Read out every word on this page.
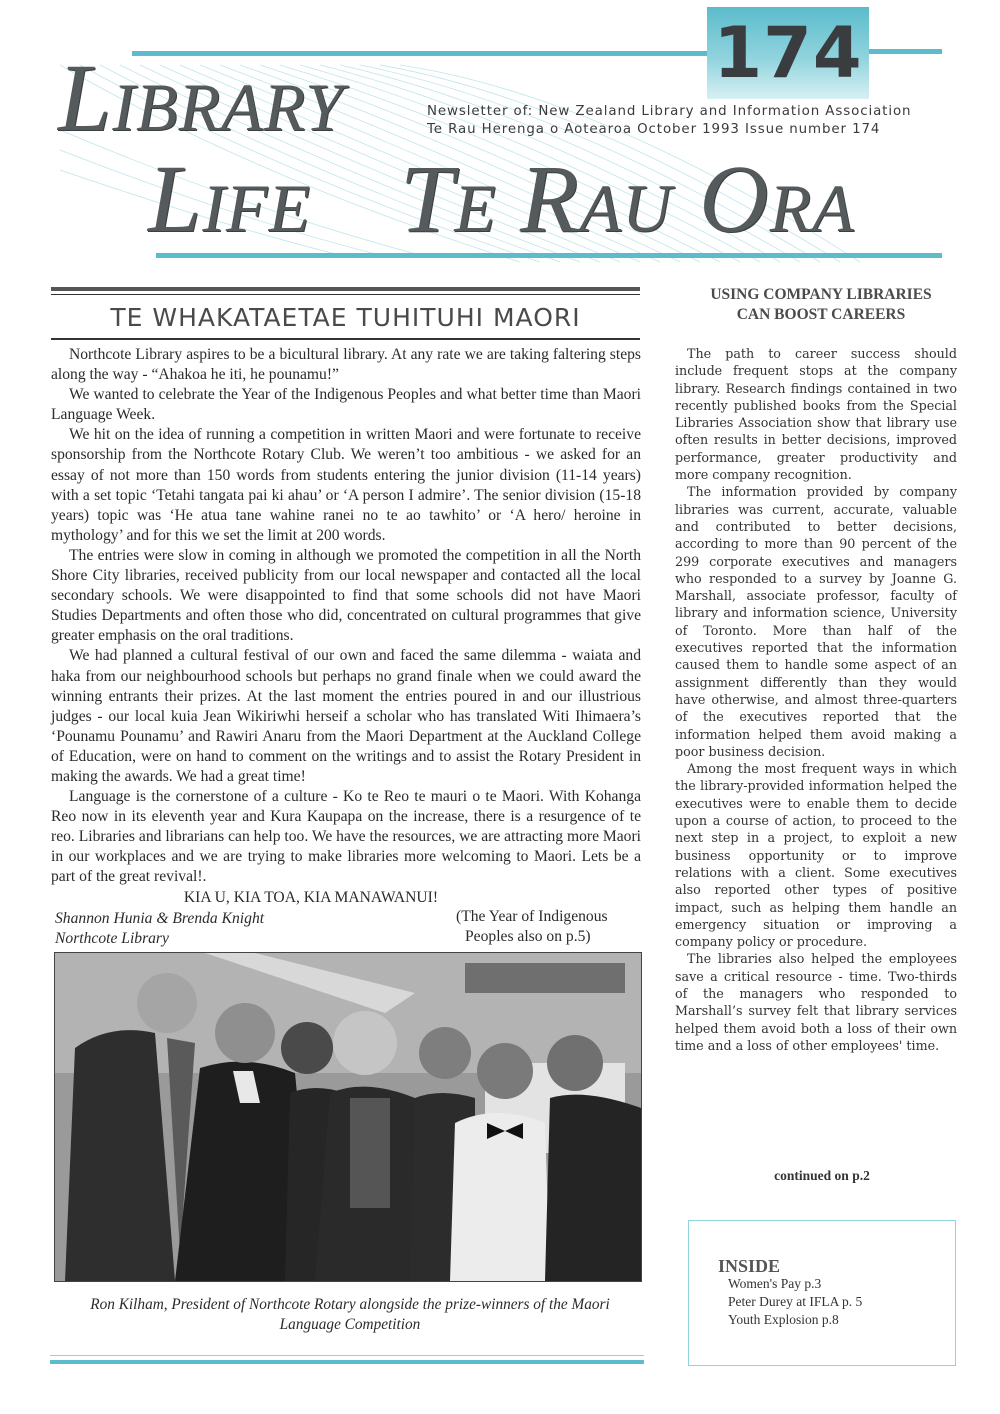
174
LIBRARY
LIFE TE RAU ORA
Newsletter of: New Zealand Library and Information Association
Te Rau Herenga o Aotearoa October 1993 Issue number 174
TE WHAKATAETAE TUHITUHI MAORI

Northcote Library aspires to be a bicultural library. At any rate we are taking faltering steps along the way - “Ahakoa he iti, he pounamu!”

We wanted to celebrate the Year of the Indigenous Peoples and what better time than Maori Language Week.

We hit on the idea of running a competition in written Maori and were fortunate to receive sponsorship from the Northcote Rotary Club. We weren’t too ambitious - we asked for an essay of not more than 150 words from students entering the junior division (11-14 years) with a set topic ‘Tetahi tangata pai ki ahau’ or ‘A person I admire’. The senior division (15-18 years) topic was ‘He atua tane wahine ranei no te ao tawhito’ or ‘A hero/ heroine in mythology’ and for this we set the limit at 200 words.

The entries were slow in coming in although we promoted the competition in all the North Shore City libraries, received publicity from our local newspaper and contacted all the local secondary schools. We were disappointed to find that some schools did not have Maori Studies Departments and often those who did, concentrated on cultural programmes that give greater emphasis on the oral traditions.

We had planned a cultural festival of our own and faced the same dilemma - waiata and haka from our neighbourhood schools but perhaps no grand finale when we could award the winning entrants their prizes. At the last moment the entries poured in and our illustrious judges - our local kuia Jean Wikiriwhi herseif a scholar who has translated Witi Ihimaera’s ‘Pounamu Pounamu’ and Rawiri Anaru from the Maori Department at the Auckland College of Education, were on hand to comment on the writings and to assist the Rotary President in making the awards. We had a great time!

Language is the cornerstone of a culture - Ko te Reo te mauri o te Maori. With Kohanga Reo now in its eleventh year and Kura Kaupapa on the increase, there is a resurgence of te reo. Libraries and librarians can help too. We have the resources, we are attracting more Maori in our workplaces and we are trying to make libraries more welcoming to Maori. Lets be a part of the great revival!.

KIA U, KIA TOA, KIA MANAWANUI!
Shannon Hunia & Brenda Knight
Northcote Library
(The Year of Indigenous
Peoples also on p.5)
Ron Kilham, President of Northcote Rotary alongside the prize-winners of the Maori Language Competition
USING COMPANY LIBRARIES
CAN BOOST CAREERS

The path to career success should include frequent stops at the company library. Research findings contained in two recently published books from the Special Libraries Association show that library use often results in better decisions, improved performance, greater productivity and more company recognition.

The information provided by company libraries was current, accurate, valuable and contributed to better decisions, according to more than 90 percent of the 299 corporate executives and managers who responded to a survey by Joanne G. Marshall, associate professor, faculty of library and information science, University of Toronto. More than half of the executives reported that the information caused them to handle some aspect of an assignment differently than they would have otherwise, and almost three-quarters of the executives reported that the information helped them avoid making a poor business decision.

Among the most frequent ways in which the library-provided information helped the executives were to enable them to decide upon a course of action, to proceed to the next step in a project, to exploit a new business opportunity or to improve relations with a client. Some executives also reported other types of positive impact, such as helping them handle an emergency situation or improving a company policy or procedure.

The libraries also helped the employees save a critical resource - time. Two-thirds of the managers who responded to Marshall’s survey felt that library services helped them avoid both a loss of their own time and a loss of other employees' time.

continued on p.2
INSIDE
Women's Pay p.3
Peter Durey at IFLA p. 5
Youth Explosion p.8
